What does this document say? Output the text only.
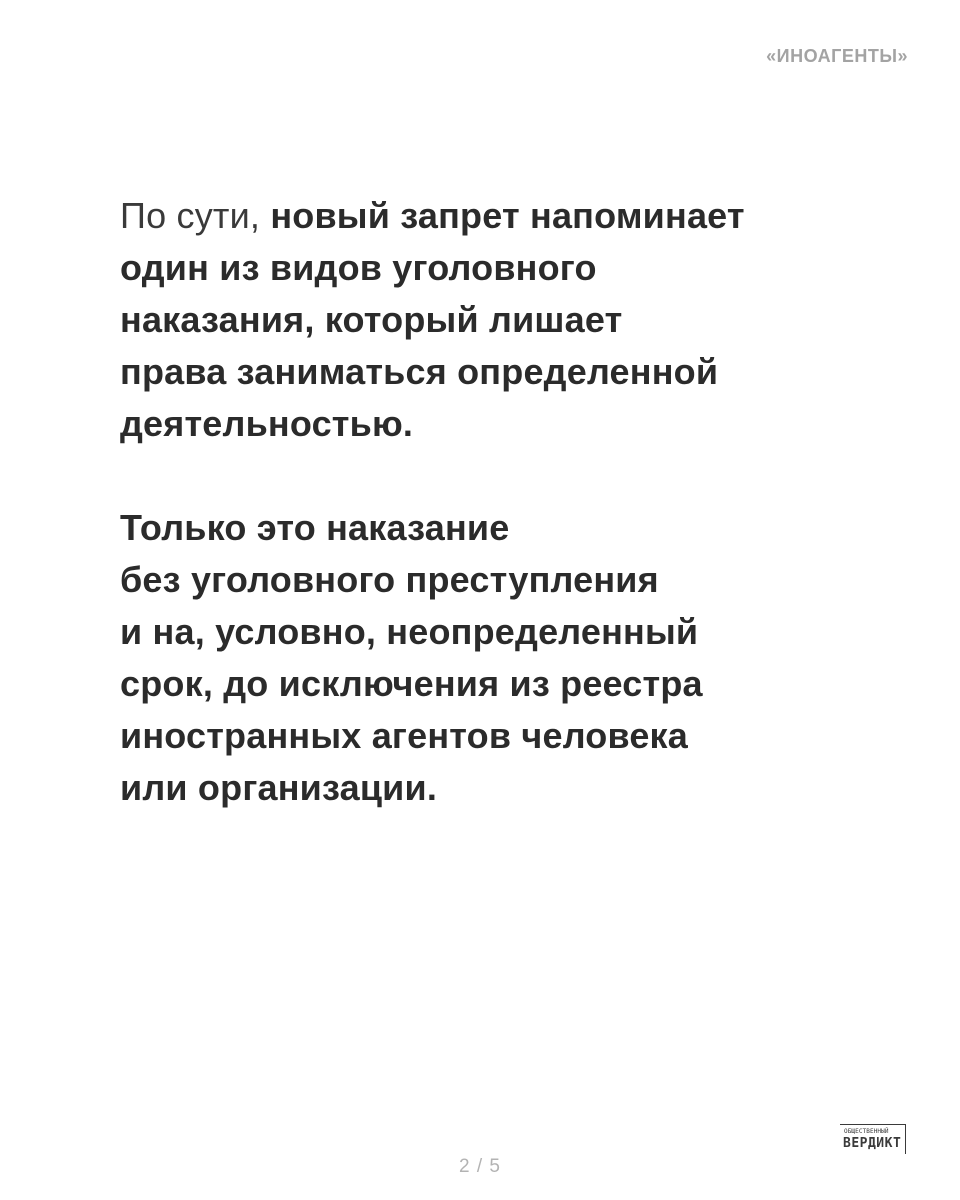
«ИНОАГЕНТЫ»

По сути, новый запрет напоминает
один из видов уголовного
наказания, который лишает
права заниматься определенной
деятельностью.

Только это наказание
без уголовного преступления
и на, условно, неопределенный
срок, до исключения из реестра
иностранных агентов человека
или организации.

2 / 5
ОБЩЕСТВЕННЫЙ
ВЕРДИКТ
